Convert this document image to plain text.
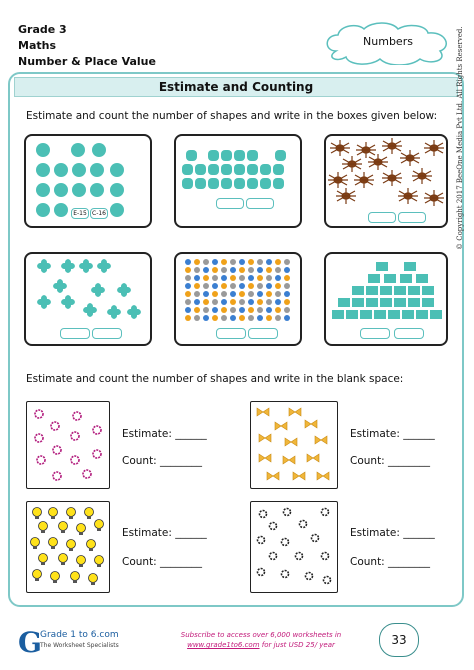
Grade 3
Maths
Number & Place Value
Numbers
Estimate and Counting
Estimate and count the number of shapes and write in the boxes given below:
E-15 C-16
Estimate and count the number of shapes and write in the blank space:
Estimate: ______
Count: ________
Estimate: ______
Count: ________
Estimate: ______
Count: ________
Estimate: ______
Count: ________
© Copyright 2017 BeeOne Media Pvt Ltd. All Rights Reserved.
G
Grade 1 to 6.com
The Worksheet Specialists
Subscribe to access over 6,000 worksheets in
www.grade1to6.com for just USD 25/ year	33
